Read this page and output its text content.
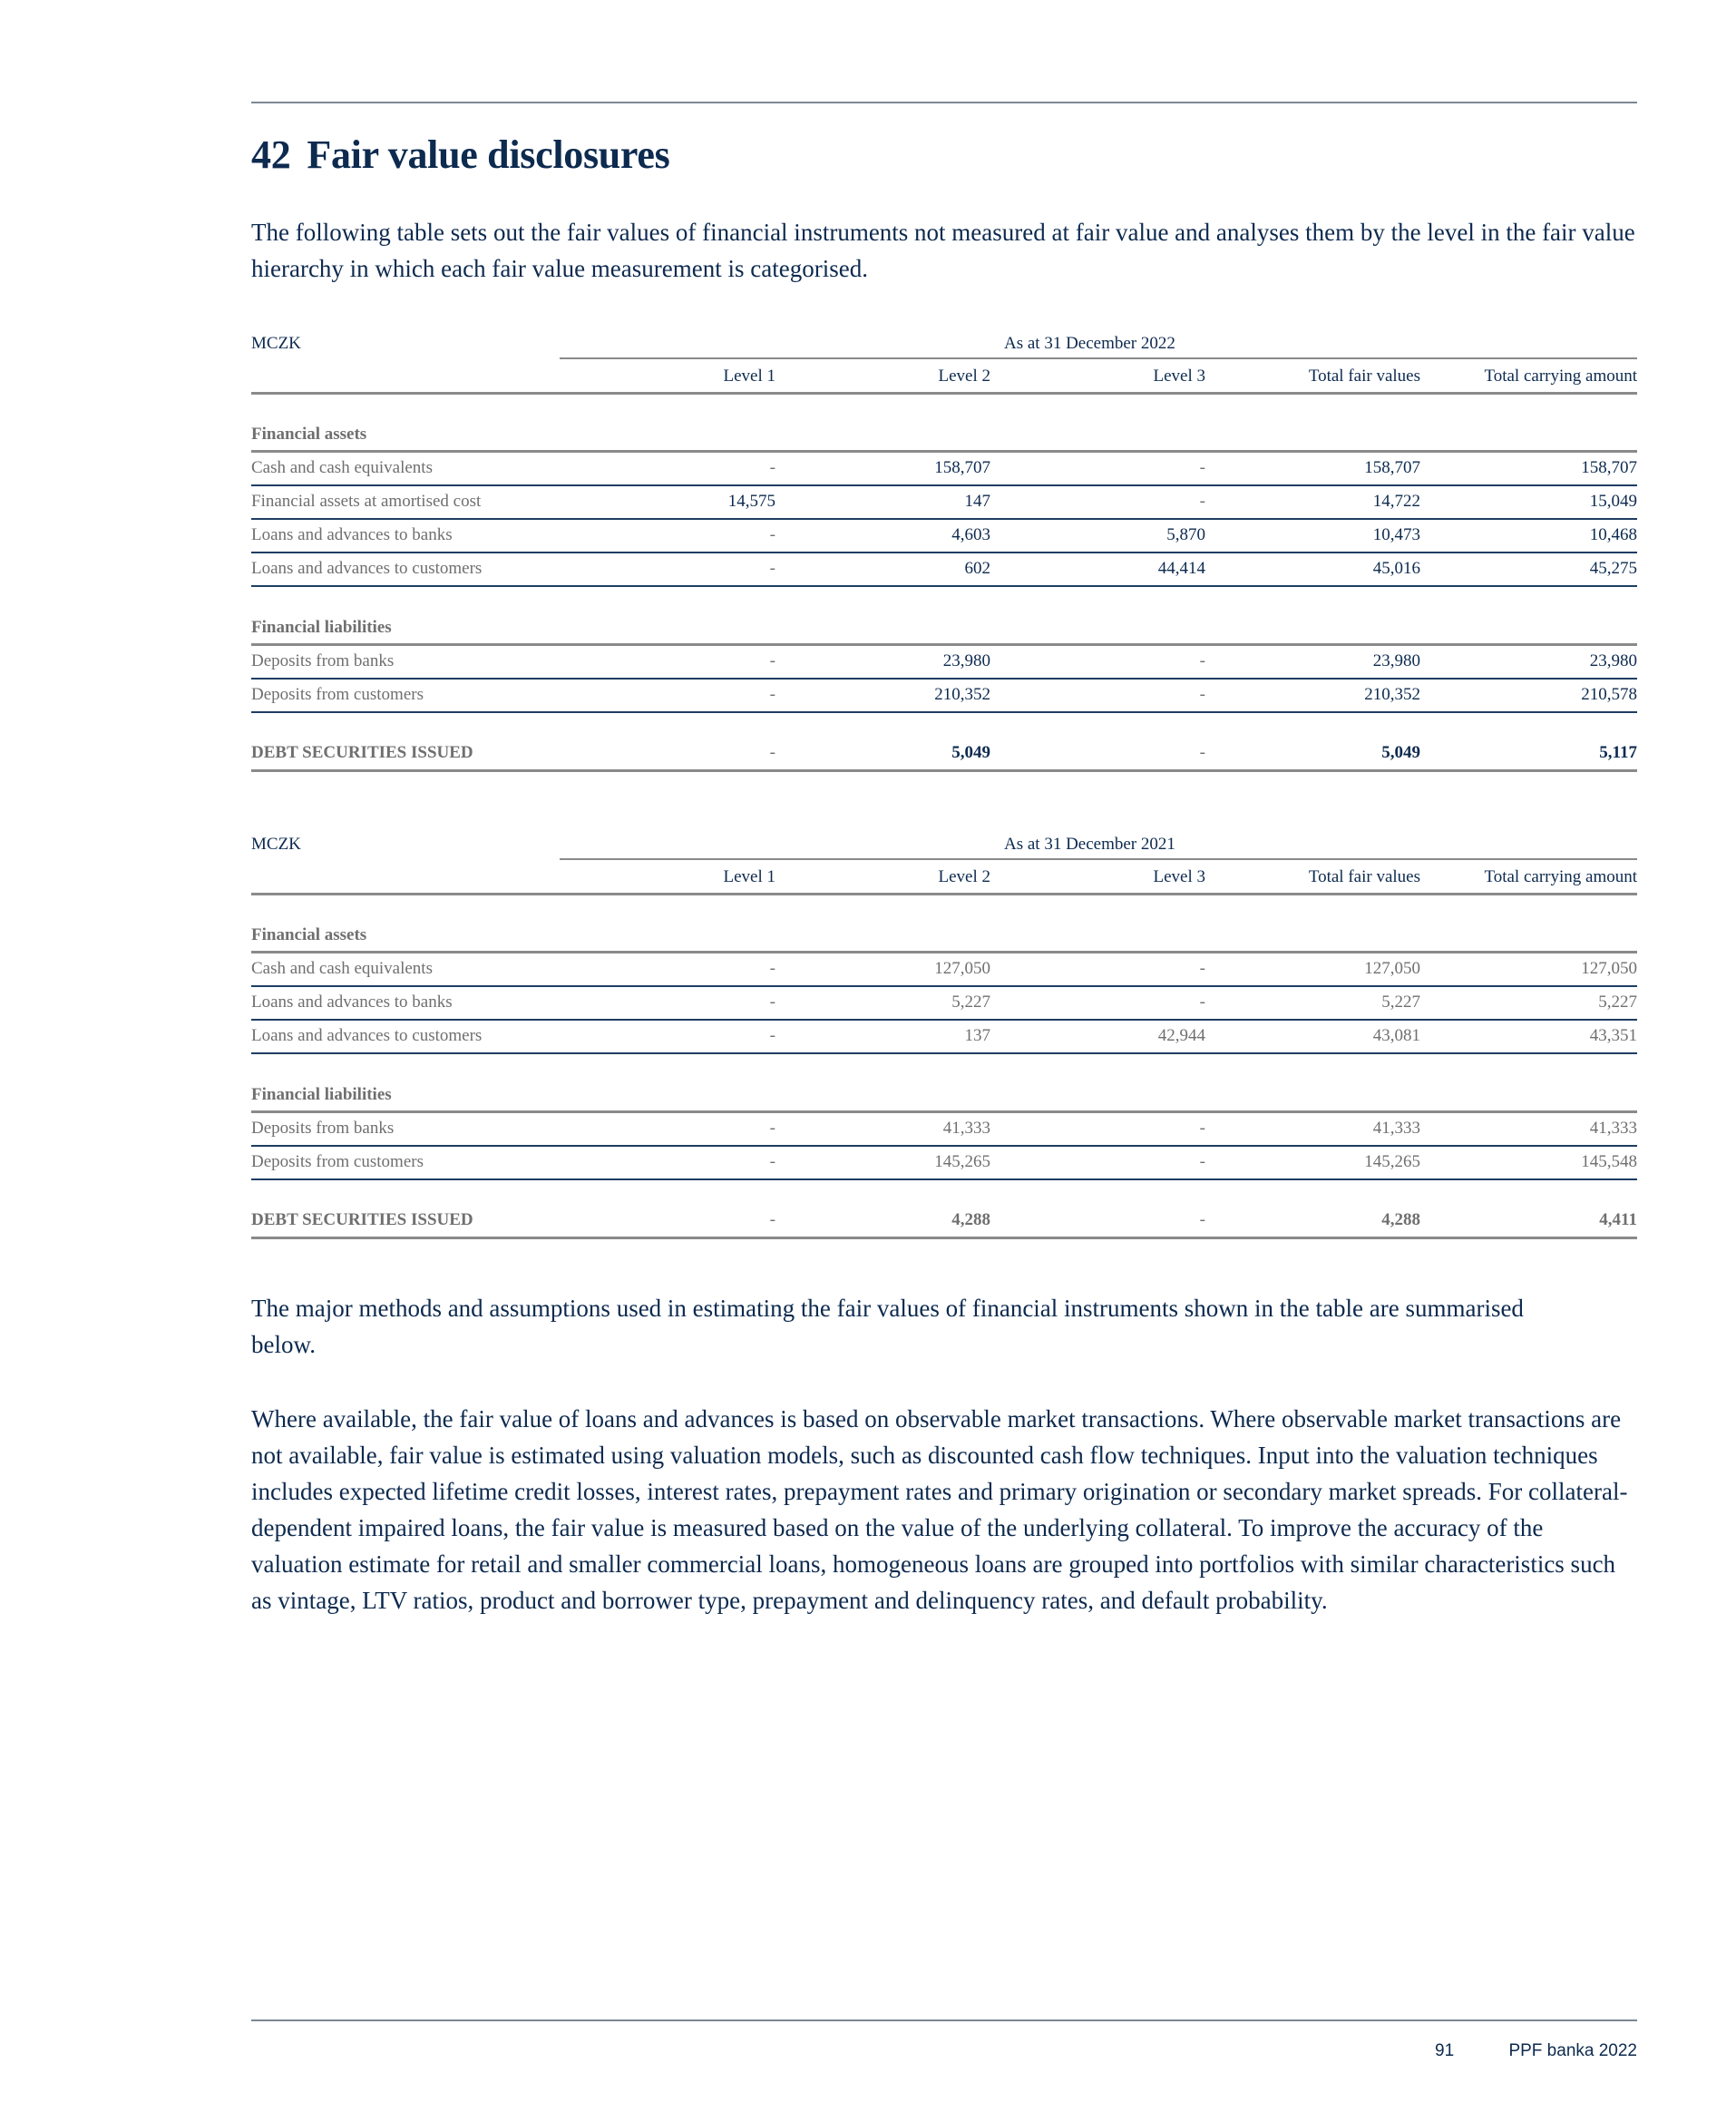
42 Fair value disclosures

The following table sets out the fair values of financial instruments not measured at fair value and analyses them by the level in the fair value hierarchy in which each fair value measurement is categorised.

MCZK	As at 31 December 2022
Level 1	Level 2	Level 3	Total fair values	Total carrying amount
Financial assets
Cash and cash equivalents	-	158,707	-	158,707	158,707
Financial assets at amortised cost	14,575	147	-	14,722	15,049
Loans and advances to banks	-	4,603	5,870	10,473	10,468
Loans and advances to customers	-	602	44,414	45,016	45,275
Financial liabilities
Deposits from banks	-	23,980	-	23,980	23,980
Deposits from customers	-	210,352	-	210,352	210,578
DEBT SECURITIES ISSUED	-	5,049	-	5,049	5,117
MCZK	As at 31 December 2021
Level 1	Level 2	Level 3	Total fair values	Total carrying amount
Financial assets
Cash and cash equivalents	-	127,050	-	127,050	127,050
Loans and advances to banks	-	5,227	-	5,227	5,227
Loans and advances to customers	-	137	42,944	43,081	43,351
Financial liabilities
Deposits from banks	-	41,333	-	41,333	41,333
Deposits from customers	-	145,265	-	145,265	145,548
DEBT SECURITIES ISSUED	-	4,288	-	4,288	4,411

The major methods and assumptions used in estimating the fair values of financial instruments shown in the table are summarised below.

Where available, the fair value of loans and advances is based on observable market transactions. Where observable market transactions are not available, fair value is estimated using valuation models, such as discounted cash flow techniques. Input into the valuation techniques includes expected lifetime credit losses, interest rates, prepayment rates and primary origination or secondary market spreads. For collateral-dependent impaired loans, the fair value is measured based on the value of the underlying collateral. To improve the accuracy of the valuation estimate for retail and smaller commercial loans, homogeneous loans are grouped into portfolios with similar characteristics such as vintage, LTV ratios, product and borrower type, prepayment and delinquency rates, and default probability.

91	PPF banka 2022
